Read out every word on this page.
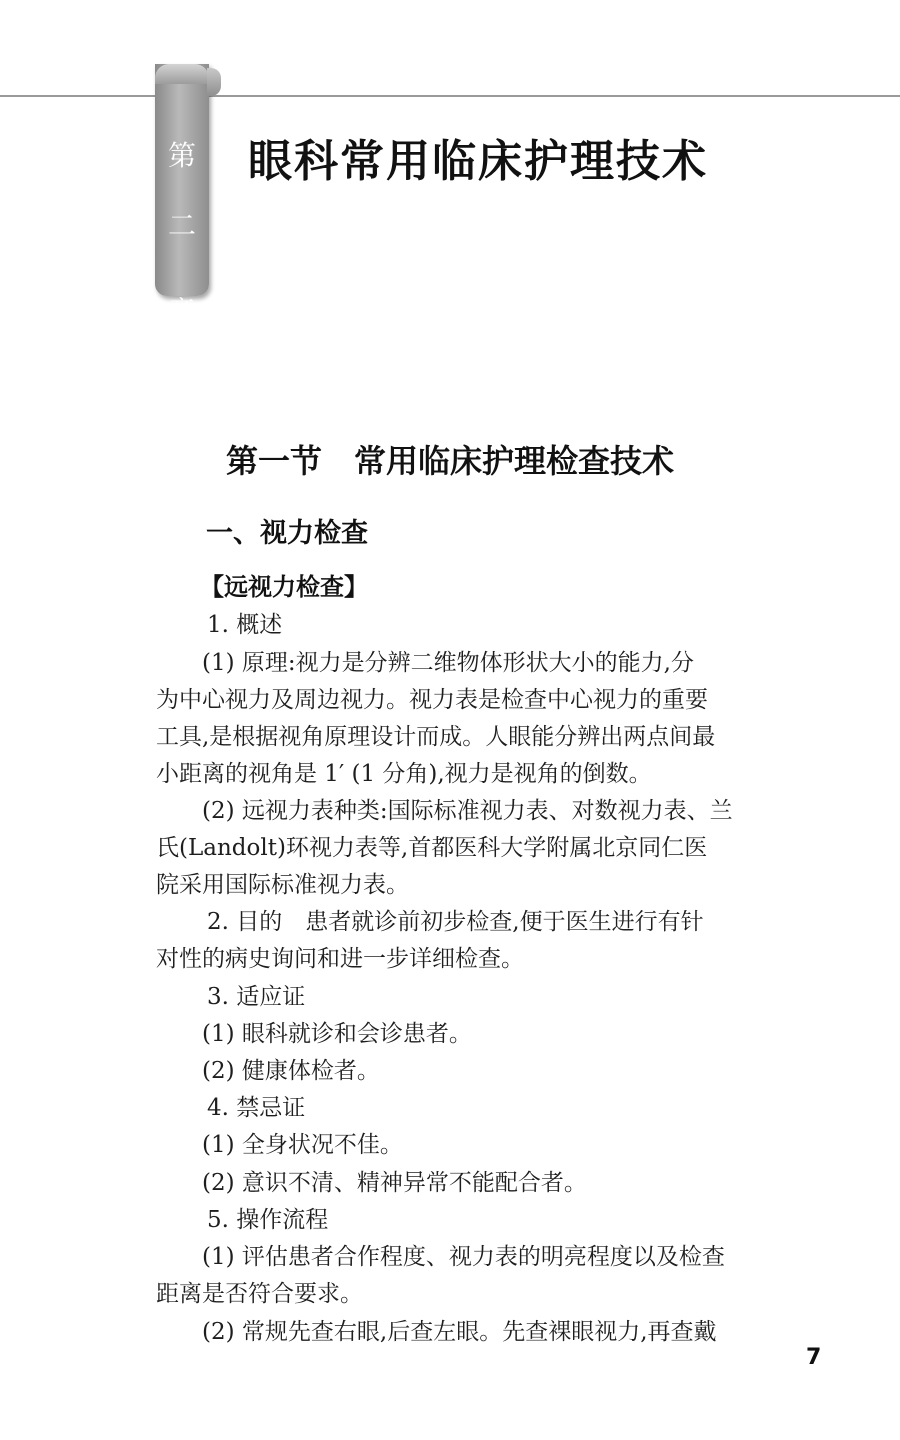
第
二
章
眼科常用临床护理技术
第一节　常用临床护理检查技术
一、视力检查
【远视力检查】

1. 概述

(1) 原理:视力是分辨二维物体形状大小的能力,分

为中心视力及周边视力。视力表是检查中心视力的重要

工具,是根据视角原理设计而成。人眼能分辨出两点间最

小距离的视角是 1′ (1 分角),视力是视角的倒数。

(2) 远视力表种类:国际标准视力表、对数视力表、兰

氏(Landolt)环视力表等,首都医科大学附属北京同仁医

院采用国际标准视力表。

2. 目的　患者就诊前初步检查,便于医生进行有针

对性的病史询问和进一步详细检查。

3. 适应证

(1) 眼科就诊和会诊患者。

(2) 健康体检者。

4. 禁忌证

(1) 全身状况不佳。

(2) 意识不清、精神异常不能配合者。

5. 操作流程

(1) 评估患者合作程度、视力表的明亮程度以及检查

距离是否符合要求。

(2) 常规先查右眼,后查左眼。先查裸眼视力,再查戴

7
